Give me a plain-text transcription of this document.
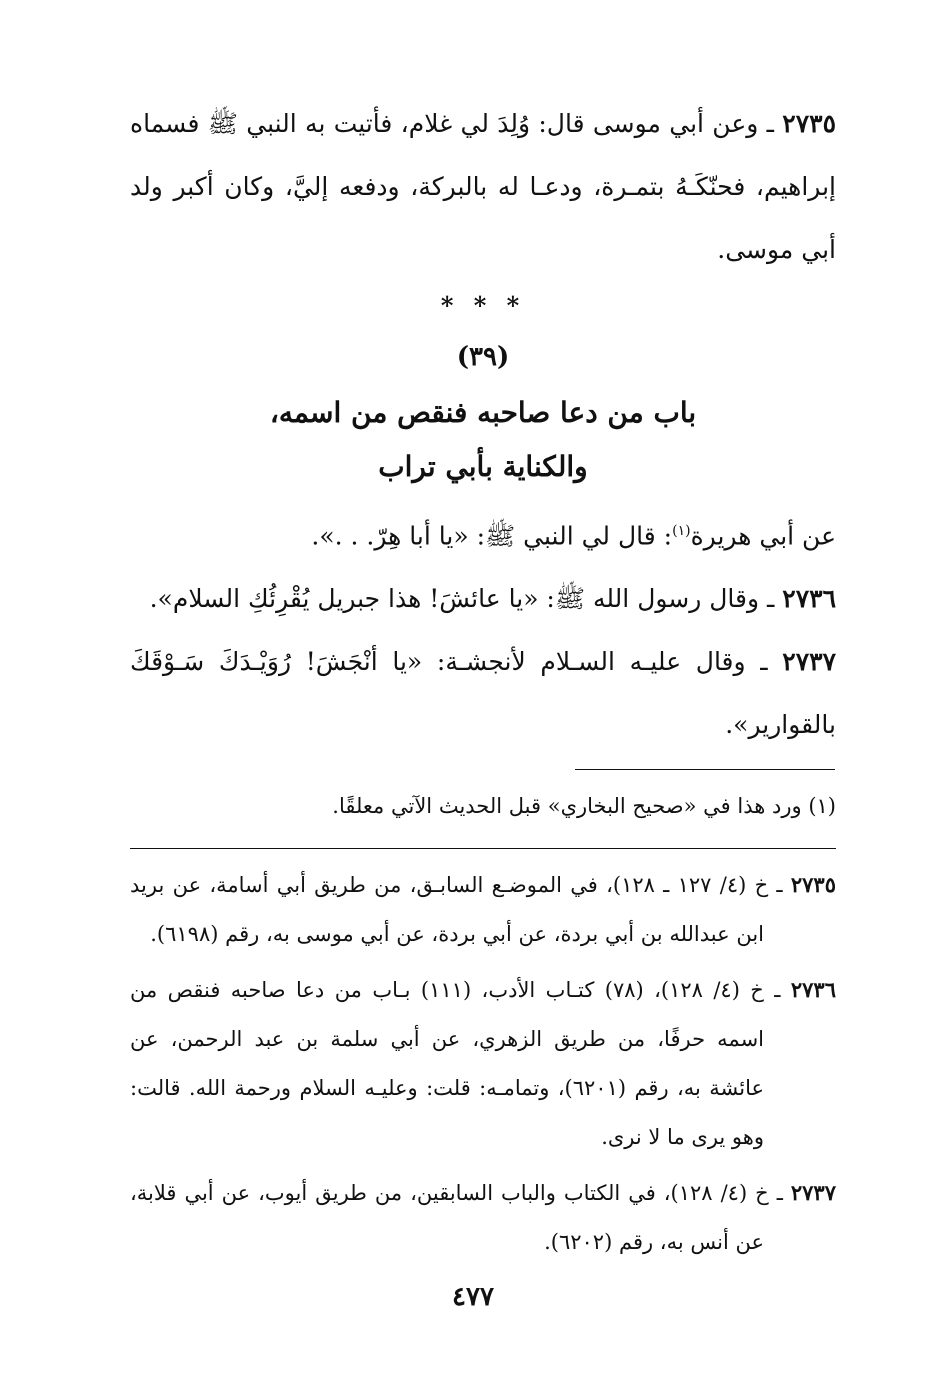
٢٧٣٥ ـ وعن أبي موسى قال: وُلِدَ لي غلام، فأتيت به النبي ﷺ فسماه إبراهيم، فحنّكَـهُ بتمـرة، ودعـا له بالبركة، ودفعه إليَّ، وكان أكبر ولد أبي موسى.

* * *
(٣٩)
باب من دعا صاحبه فنقص من اسمه،
والكناية بأبي تراب

عن أبي هريرة$^{(١)}$: قال لي النبي ﷺ: «يا أبا هِرّ. . .».

٢٧٣٦ ـ وقال رسول الله ﷺ: «يا عائشَ! هذا جبريل يُقْرِئُكِ السلام».

٢٧٣٧ ـ وقال عليـه السـلام لأنجشـة: «يا أنْجَشَ! رُوَيْـدَكَ سَـوْقَكَ بالقوارير».

(١) ورد هذا في «صحيح البخاري» قبل الحديث الآتي معلقًا.

٢٧٣٥ ـ خ (٤/ ١٢٧ ـ ١٢٨)، في الموضـع السابـق، من طريق أبي أسامة، عن بريد ابن عبدالله بن أبي بردة، عن أبي بردة، عن أبي موسى به، رقم (٦١٩٨).

٢٧٣٦ ـ خ (٤/ ١٢٨)، (٧٨) كتـاب الأدب، (١١١) بـاب من دعا صاحبه فنقص من اسمه حرفًا، من طريق الزهري، عن أبي سلمة بن عبد الرحمن، عن عائشة به، رقم (٦٢٠١)، وتمامـه: قلت: وعليـه السلام ورحمة الله. قالت: وهو يرى ما لا نرى.

٢٧٣٧ ـ خ (٤/ ١٢٨)، في الكتاب والباب السابقين، من طريق أيوب، عن أبي قلابة، عن أنس به، رقم (٦٢٠٢).

٤٧٧
